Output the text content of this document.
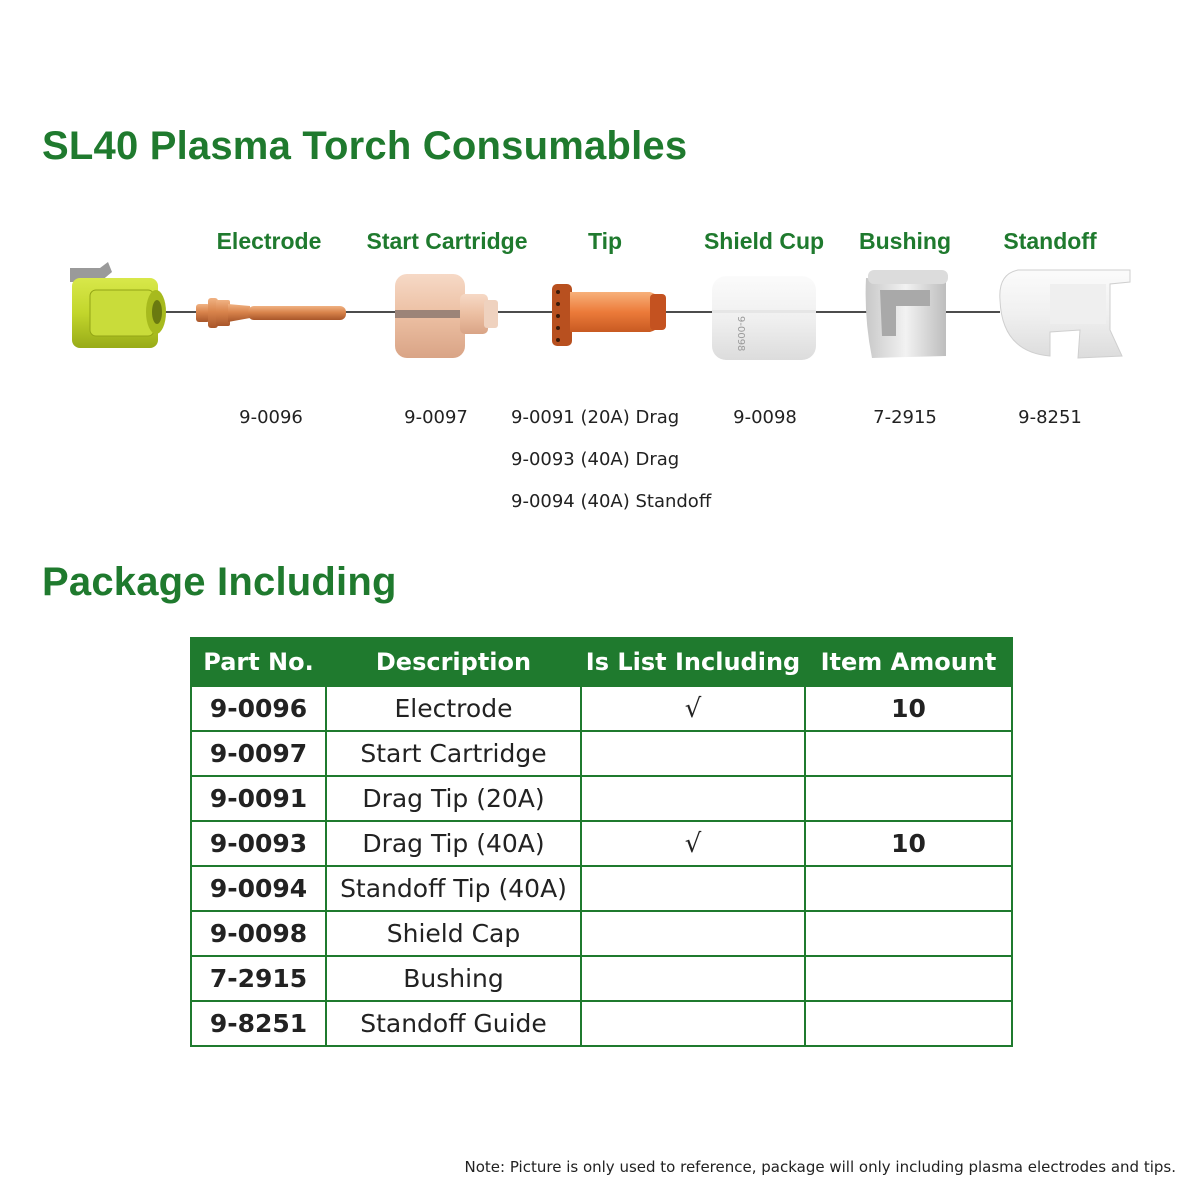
SL40 Plasma Torch Consumables
Electrode Start Cartridge	Tip	Shield Cup Bushing Standoff
9-0098
9-0096	9-0097 9-0091 (20A) Drag
9-0093 (40A) Drag
9-0094 (40A) Standoff
9-0098	7-2915	9-8251
Package Including
Part No.	Description	Is List Including	Item Amount
9-0096	Electrode	√	10
9-0097	Start Cartridge		
9-0091	Drag Tip (20A)		
9-0093	Drag Tip (40A)	√	10
9-0094	Standoff Tip (40A)		
9-0098	Shield Cap		
7-2915	Bushing		
9-8251	Standoff Guide		
Note: Picture is only used to reference, package will only including plasma electrodes and tips.
